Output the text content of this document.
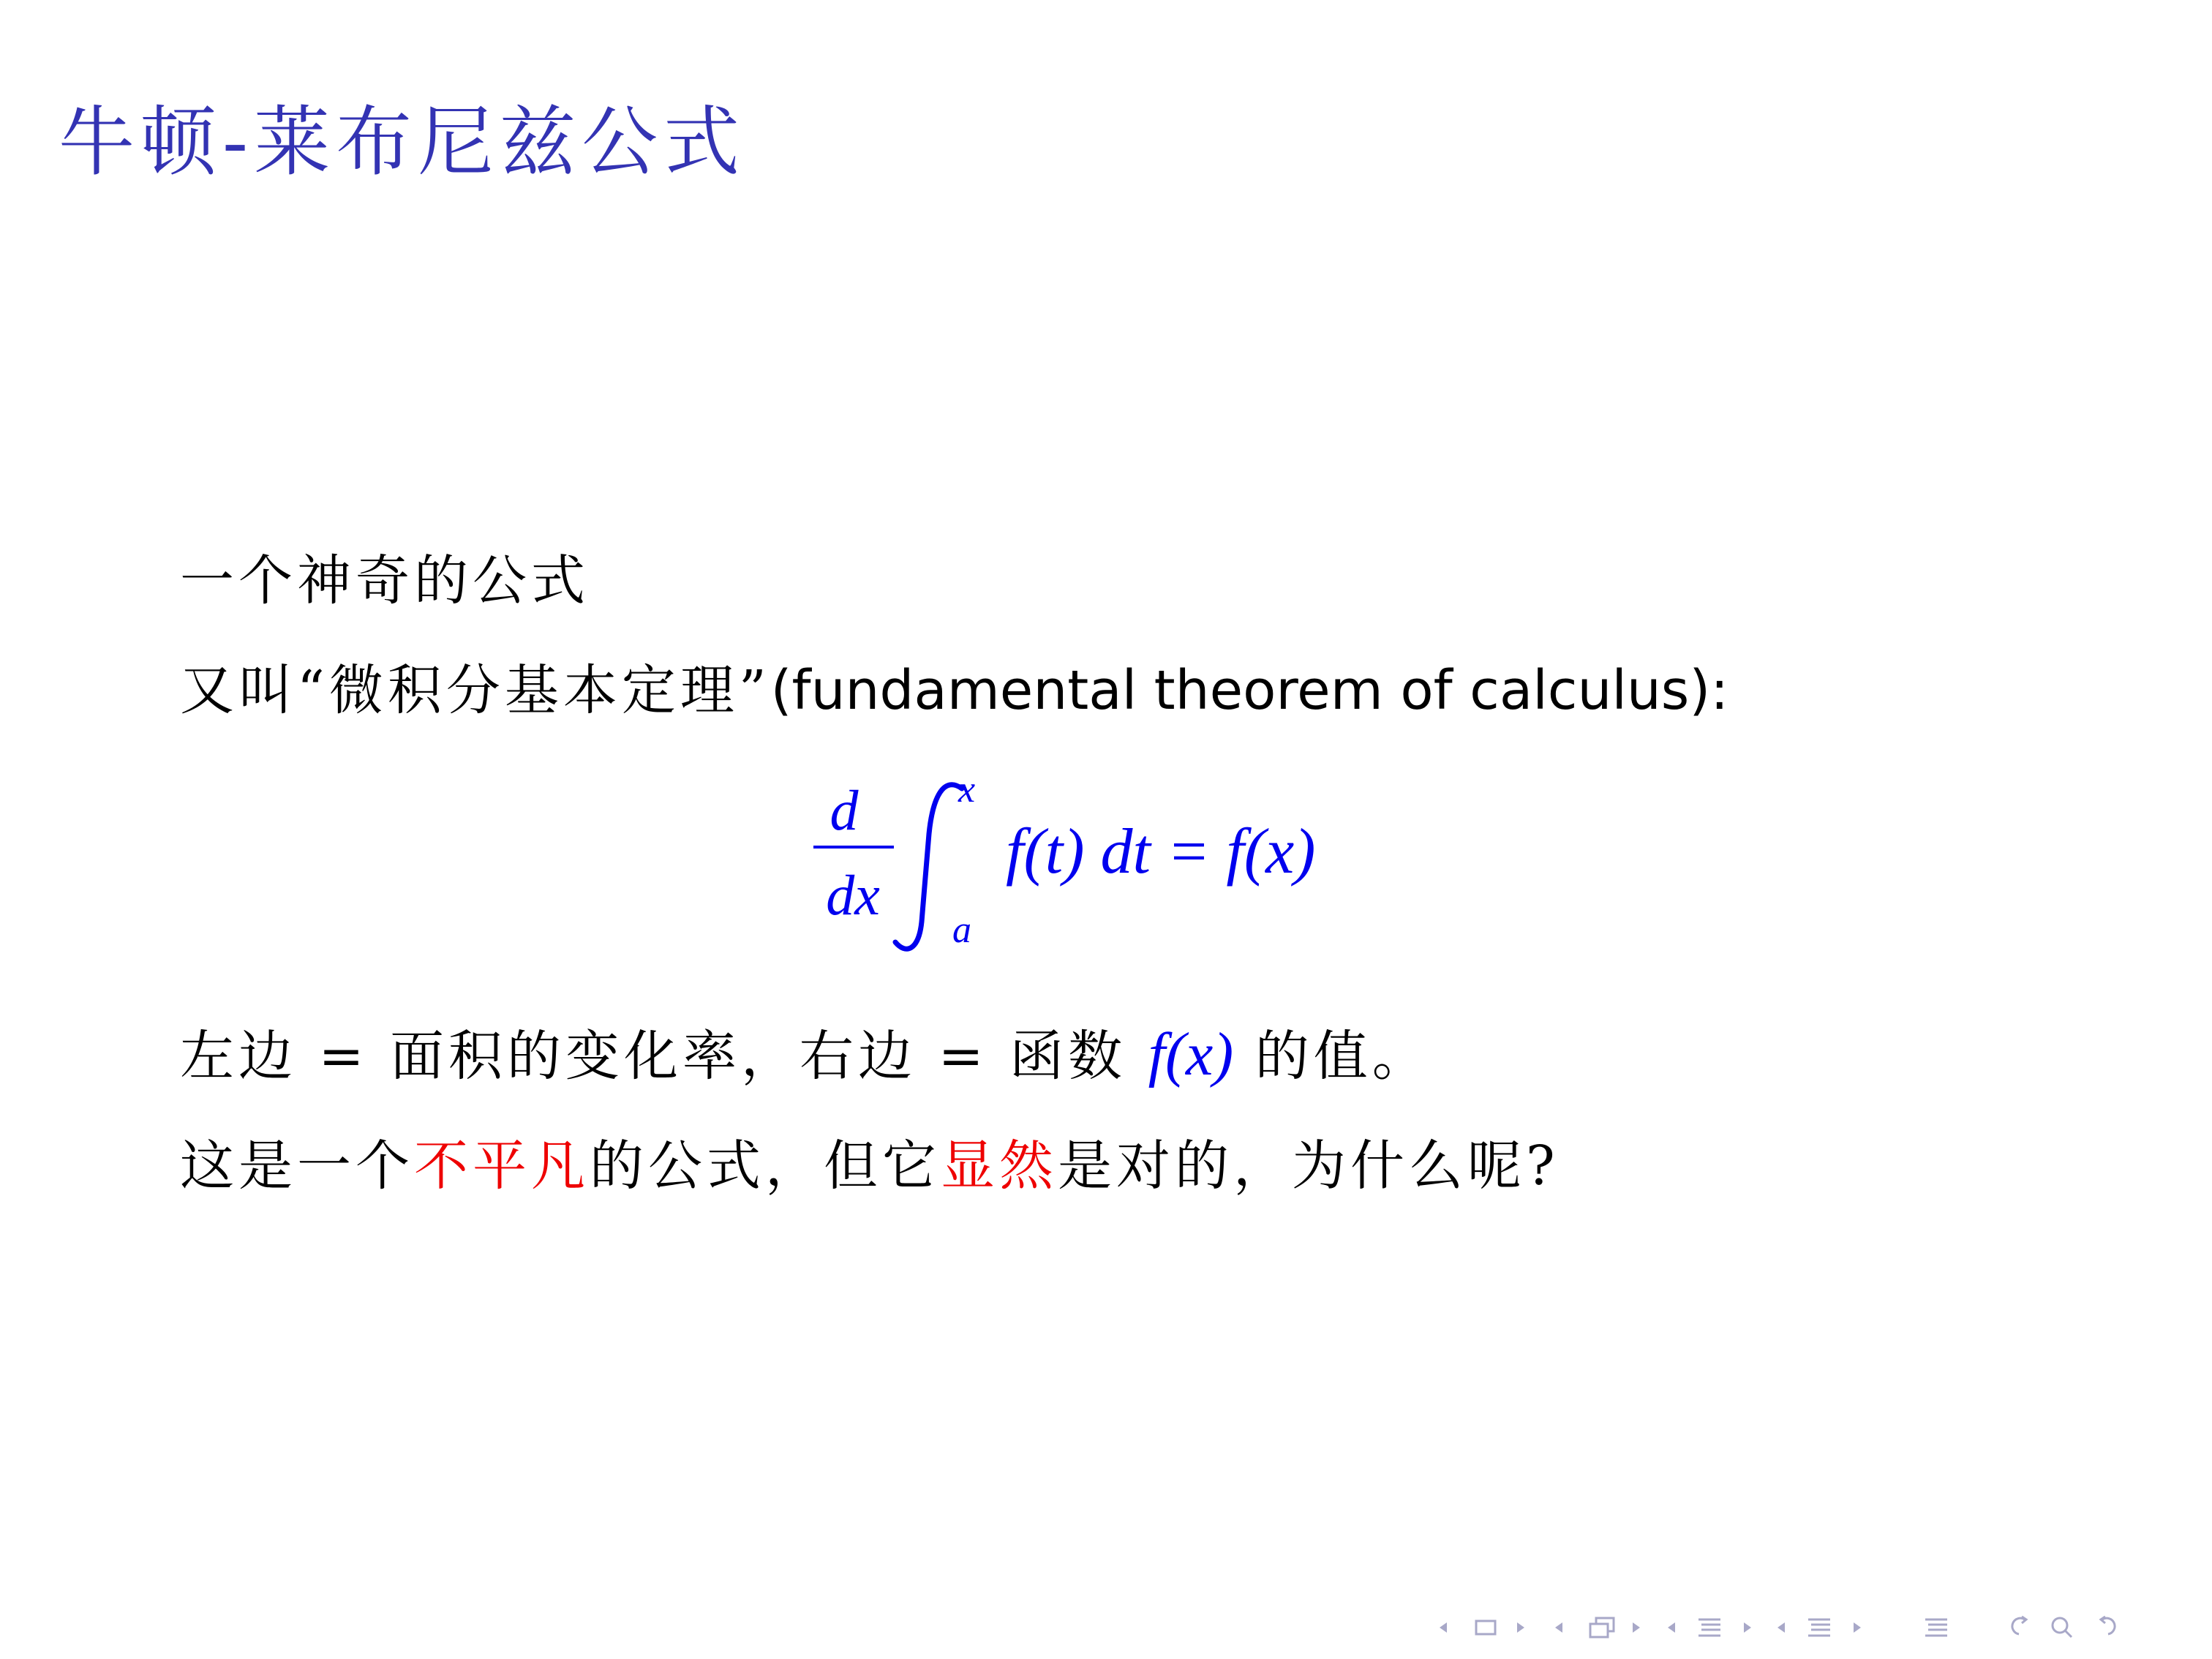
牛顿-莱布尼兹公式
一个神奇的公式
又叫“微积分基本定理”(fundamental theorem of calculus):
d
dx
x
a
f(t) dt = f(x)
左边 = 面积的变化率，右边 = 函数 f(x) 的值。
这是一个不平凡的公式，但它显然是对的，为什么呢?
